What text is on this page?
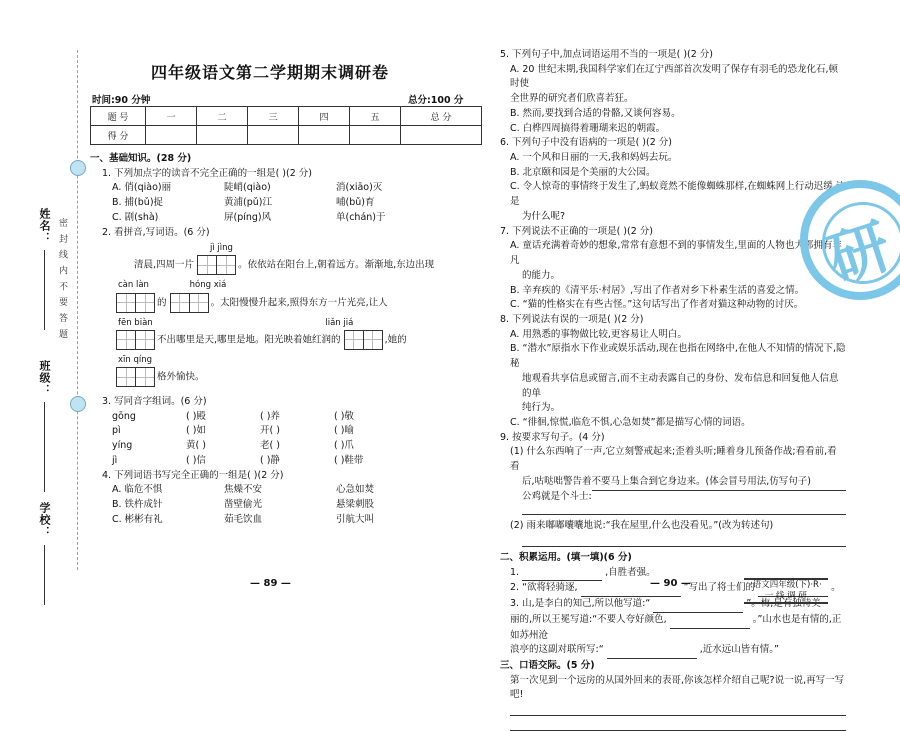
密 封 线 内 不 要 答 题
姓名：
班级：
学校：
四年级语文第二学期期末调研卷
时间:90 分钟	总分:100 分
题 号	一	二	三	四	五	总 分
得 分						
一、基础知识。(28 分)
1. 下列加点字的读音不完全正确的一组是( )(2 分)
A. 俏(qiào)丽	陡峭(qiào)	消(xiāo)灭
B. 捕(bǔ)捉	黄浦(pǔ)江	哺(bǔ)育
C. 剧(shà)	屏(píng)风	单(chán)于
2. 看拼音,写词语。(6 分)
jì jìng
清晨,四周一片	。依依站在阳台上,朝着远方。渐渐地,东边出现
càn làn	hóng xiá
的	。太阳慢慢升起来,照得东方一片光亮,让人
fēn biàn	liǎn jiá
不出哪里是天,哪里是地。阳光映着她红润的	,她的
xīn qíng
格外愉快。
3. 写同音字组词。(6 分)
gōng	( )殿	( )养	( )敬
pì	( )如	开( )	( )喻
yíng	黄( )	老( )	( )爪
jì	( )信	( )静	( )鞋带
4. 下列词语书写完全正确的一组是( )(2 分)
A. 临危不惧	焦燥不安	心急如焚
B. 铁杵成针	凿壁偷光	悬梁刺股
C. 彬彬有礼	茹毛饮血	引航大叫
— 89 —
5. 下列句子中,加点词语运用不当的一项是( )(2 分)
A. 20 世纪末期,我国科学家们在辽宁西部首次发明了保存有羽毛的恐龙化石,顿时使
全世界的研究者们欣喜若狂。
B. 然而,要找到合适的骨骼,又谈何容易。
C. 白桦四周搞得着珊瑚来迟的朝霞。
6. 下列句子中没有语病的一项是( )(2 分)
A. 一个风和日丽的一天,我和妈妈去玩。
B. 北京颐和园是个美丽的大公园。
C. 令人惊奇的事情终于发生了,蚂蚁竟然不能像蜘蛛那样,在蜘蛛网上行动迟缓,这是
为什么呢?
7. 下列说法不正确的一项是( )(2 分)
A. 童话充满着奇妙的想象,常常有意想不到的事情发生,里面的人物也大都拥有非凡
的能力。
B. 辛弃疾的《清平乐·村居》,写出了作者对乡下朴素生活的喜爱之情。
C. “猫的性格实在有些古怪。”这句话写出了作者对猫这种动物的讨厌。
8. 下列说法有误的一项是( )(2 分)
A. 用熟悉的事物做比较,更容易让人明白。
B. “潜水”原指水下作业或娱乐活动,现在也指在网络中,在他人不知情的情况下,隐秘
地观看共享信息或留言,而不主动表露自己的身份、发布信息和回复他人信息的单
纯行为。
C. “徘徊,惊慌,临危不惧,心急如焚”都是描写心情的词语。
9. 按要求写句子。(4 分)
(1) 什么东西响了一声,它立刻警戒起来;歪着头听;睡着身儿预备作战;看看前,看看
后,咕哒咄警告着不要马上集合到它身边来。(体会冒号用法,仿写句子)
公鸡就是个斗士:
(2) 雨来嘟嘟囔囔地说:“我在屋里,什么也没看见。”(改为转述句)
二、积累运用。(填一填)(6 分)
1.	,自胜者强。
2. “欲将轻骑逐,	”写出了将士们的	。
3. 山,是李白的知己,所以他写道:“	”。梅,是有独特美
丽的,所以王冕写道:“不要人夸好颜色,	。”山水也是有情的,正如苏州沧
浪亭的这副对联所写:“	,近水远山皆有情。”
三、口语交际。(5 分)
第一次见到一个远房的从国外回来的表哥,你该怎样介绍自己呢?说一说,再写一写吧!
— 90 —	·语文四年级(下)·R·
一 线 调 研
研
